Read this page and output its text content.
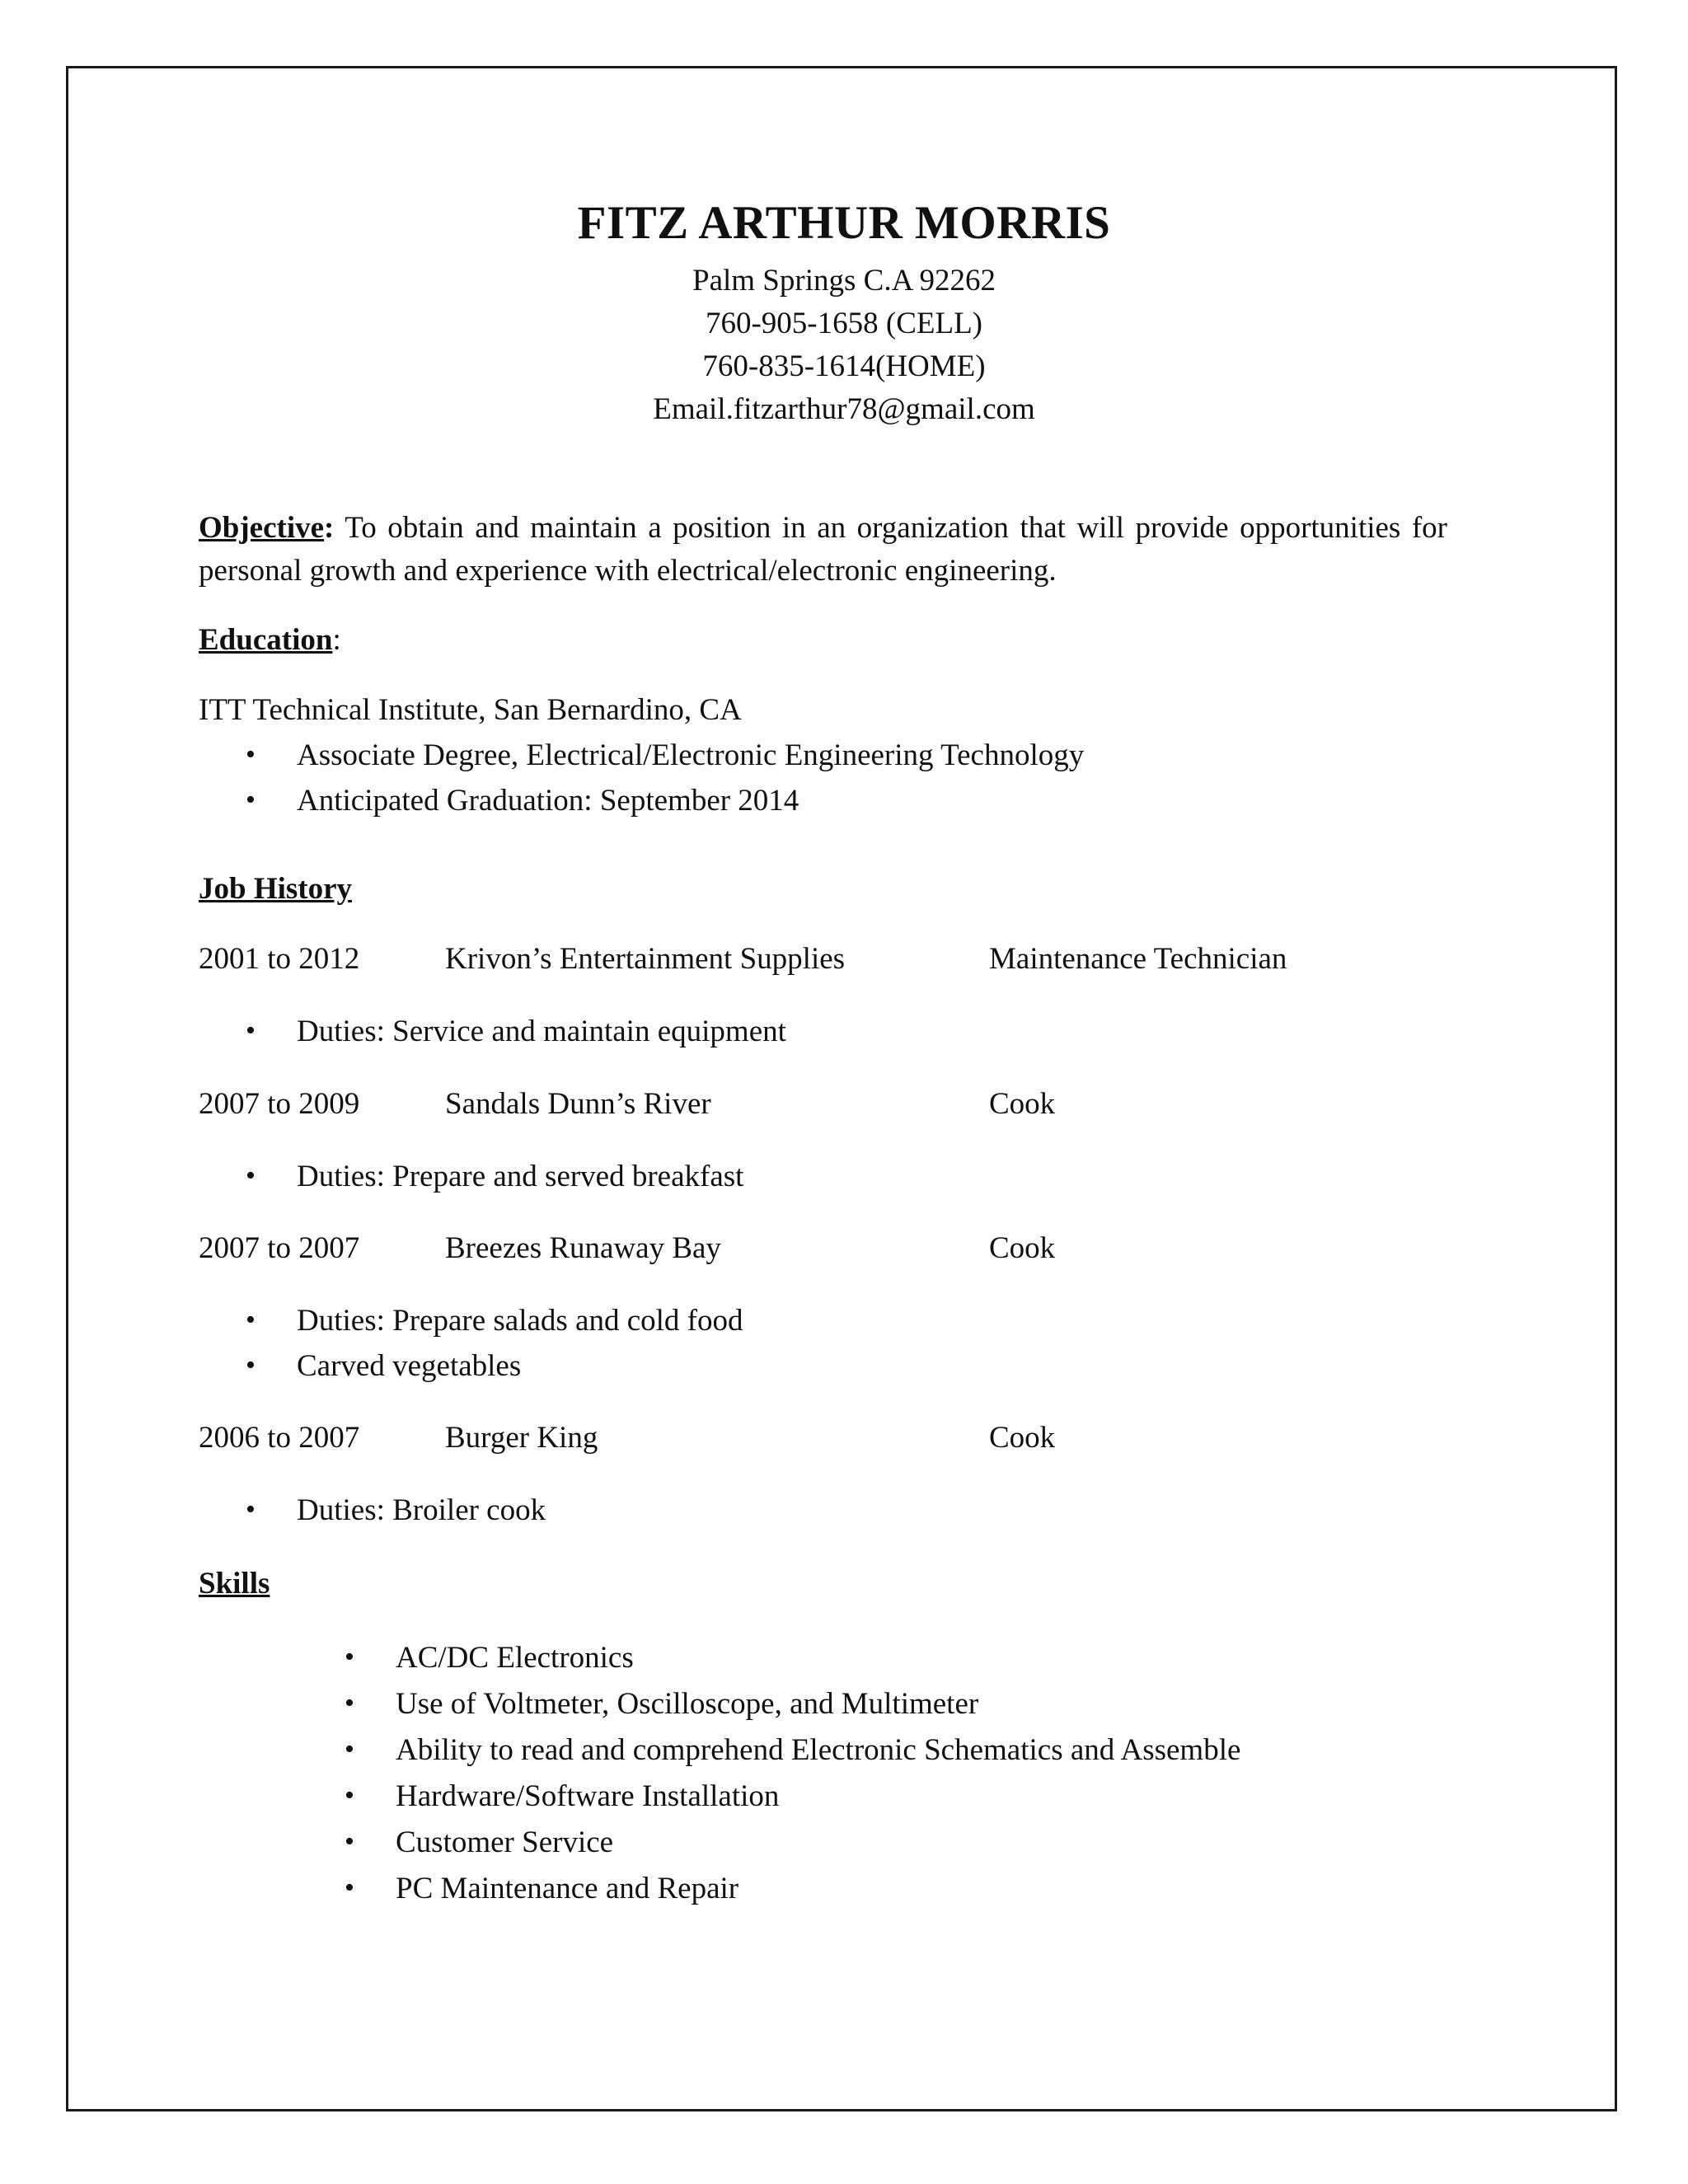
FITZ ARTHUR MORRIS
Palm Springs C.A 92262
760-905-1658 (CELL)
760-835-1614(HOME)
Email.fitzarthur78@gmail.com
Objective: To obtain and maintain a position in an organization that will provide opportunities for personal growth and experience with electrical/electronic engineering.
Education:
ITT Technical Institute, San Bernardino, CA
• Associate Degree, Electrical/Electronic Engineering Technology
• Anticipated Graduation: September 2014
Job History
2001 to 2012	Krivon’s Entertainment Supplies	Maintenance Technician
• Duties: Service and maintain equipment
2007 to 2009	Sandals Dunn’s River	Cook
• Duties: Prepare and served breakfast
2007 to 2007	Breezes Runaway Bay	Cook
• Duties: Prepare salads and cold food
• Carved vegetables
2006 to 2007	Burger King	Cook
• Duties: Broiler cook
Skills
• AC/DC Electronics
• Use of Voltmeter, Oscilloscope, and Multimeter
• Ability to read and comprehend Electronic Schematics and Assemble
• Hardware/Software Installation
• Customer Service
• PC Maintenance and Repair
